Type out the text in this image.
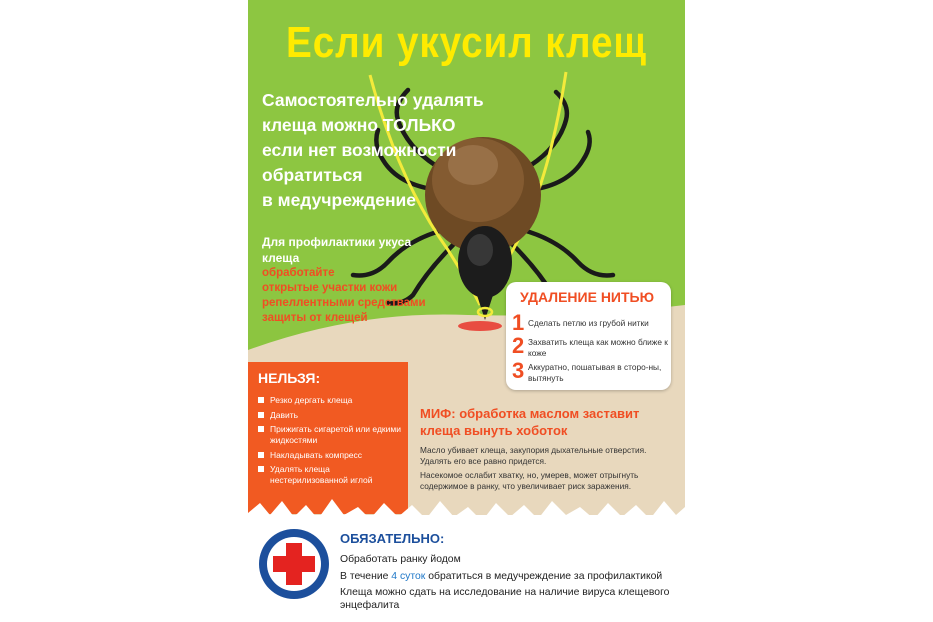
Если укусил клещ
Самостоятельно удалять
клеща можно ТОЛЬКО
если нет возможности
обратиться
в медучреждение
Для профилактики укуса
клеща
обработайте
открытые участки кожи
репеллентными средствами
защиты от клещей
УДАЛЕНИЕ НИТЬЮ
1 Сделать петлю из грубой нитки
2 Захватить клеща как можно ближе к коже
3 Аккуратно, пошатывая в сторо-ны, вытянуть
НЕЛЬЗЯ:
Резко дергать клеща
Давить
Прижигать сигаретой или едкими жидкостями
Накладывать компресс
Удалять клеща нестерилизованной иглой
МИФ: обработка маслом заставит клеща вынуть хоботок
Масло убивает клеща, закупория дыхательные отверстия. Удалять его все равно придется.
Насекомое ослабит хватку, но, умерев, может отрыгнуть содержимое в ранку, что увеличивает риск заражения.
ОБЯЗАТЕЛЬНО:
Обработать ранку йодом
В течение 4 суток обратиться в медучреждение за профилактикой
Клеща можно сдать на исследование на наличие вируса клещевого энцефалита
